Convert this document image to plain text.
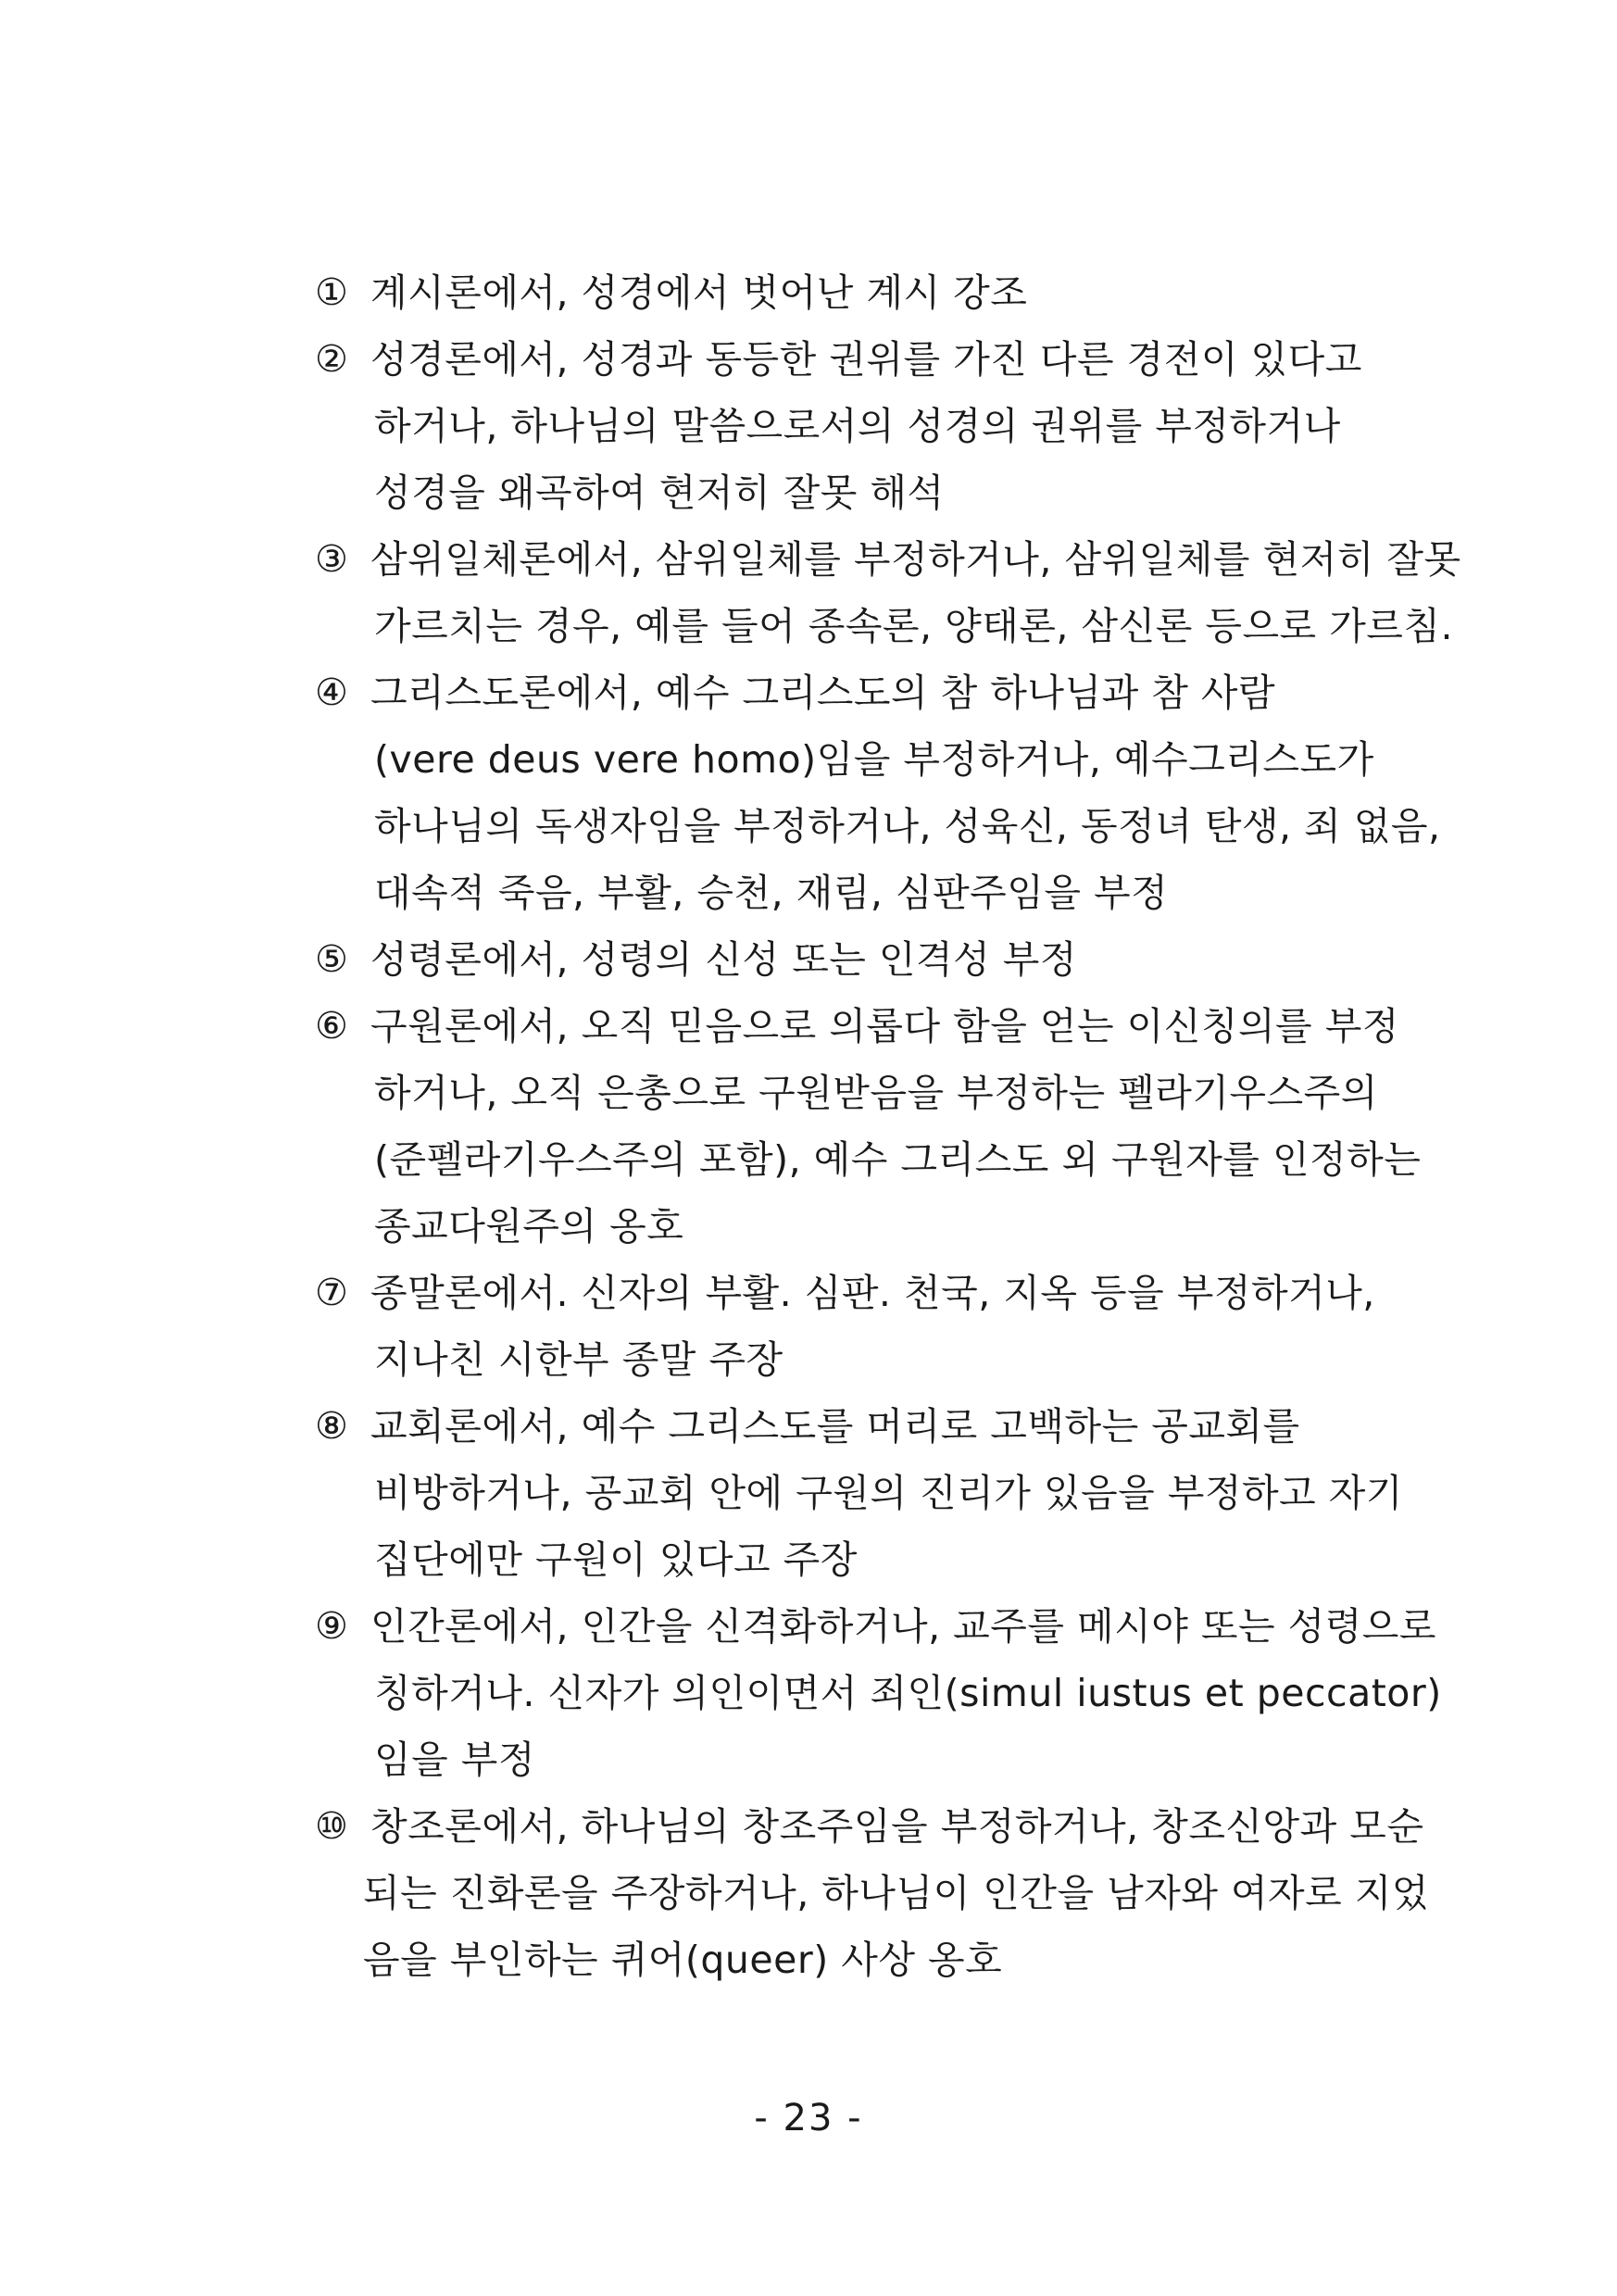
① 계시론에서, 성경에서 벗어난 계시 강조
② 성경론에서, 성경과 동등한 권위를 가진 다른 경전이 있다고
하거나, 하나님의 말씀으로서의 성경의 권위를 부정하거나
성경을 왜곡하여 현저히 잘못 해석
③ 삼위일체론에서, 삼위일체를 부정하거나, 삼위일체를 현저히 잘못
가르치는 경우, 예를 들어 종속론, 양태론, 삼신론 등으로 가르침.
④ 그리스도론에서, 예수 그리스도의 참 하나님과 참 사람
(vere deus vere homo)임을 부정하거나, 예수그리스도가
하나님의 독생자임을 부정하거나, 성육신, 동정녀 탄생, 죄 없음,
대속적 죽음, 부활, 승천, 재림, 심판주임을 부정
⑤ 성령론에서, 성령의 신성 또는 인격성 부정
⑥ 구원론에서, 오직 믿음으로 의롭다 함을 얻는 이신칭의를 부정
하거나, 오직 은총으로 구원받음을 부정하는 펠라기우스주의
(준펠라기우스주의 포함), 예수 그리스도 외 구원자를 인정하는
종교다원주의 옹호
⑦ 종말론에서. 신자의 부활. 심판. 천국, 지옥 등을 부정하거나,
지나친 시한부 종말 주장
⑧ 교회론에서, 예수 그리스도를 머리로 고백하는 공교회를
비방하거나, 공교회 안에 구원의 진리가 있음을 부정하고 자기
집단에만 구원이 있다고 주장
⑨ 인간론에서, 인간을 신격화하거나, 교주를 메시야 또는 성령으로
칭하거나. 신자가 의인이면서 죄인(simul iustus et peccator)
임을 부정
⑩ 창조론에서, 하나님의 창조주임을 부정하거나, 창조신앙과 모순
되는 진화론을 주장하거나, 하나님이 인간을 남자와 여자로 지었
음을 부인하는 퀴어(queer) 사상 옹호
- 23 -
